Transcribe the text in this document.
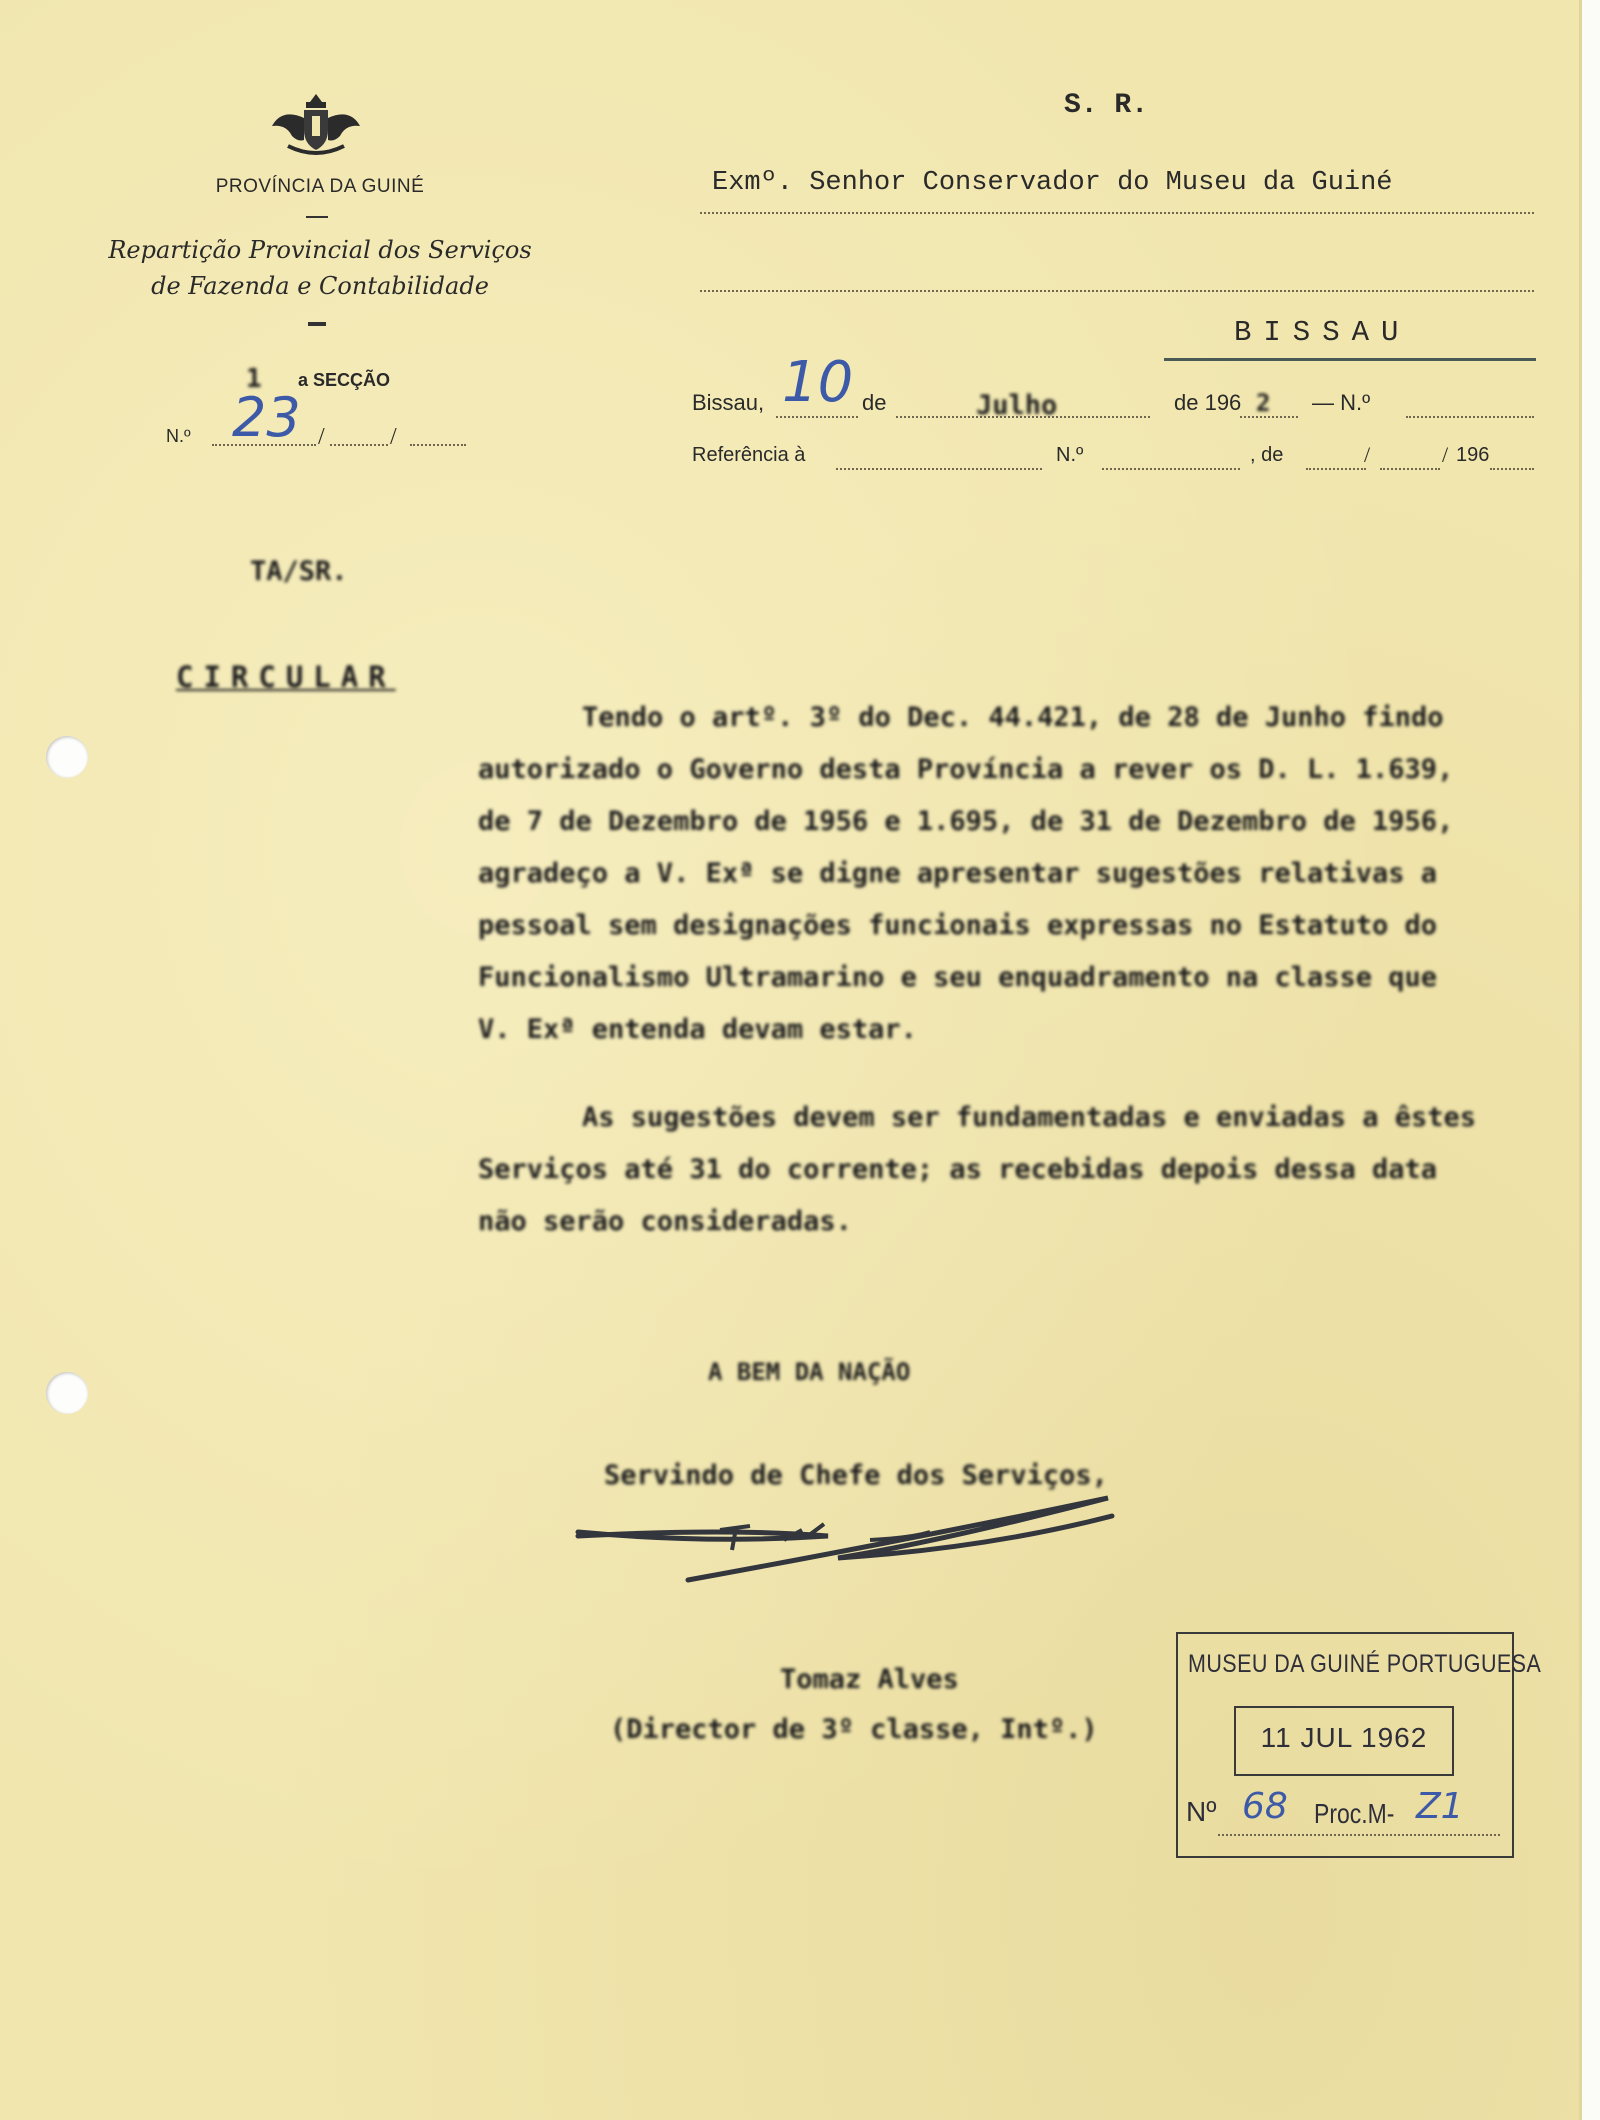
PROVÍNCIA DA GUINÉ
Repartição Provincial dos Serviços
de Fazenda e Contabilidade
1 a SECÇÃO
N.º 23 /	/
S. R.
Exmº. Senhor Conservador do Museu da Guiné
BISSAU
Bissau, 10 de	Julho	de 196 2 — N.º
Referência à	N.º	, de	/	/ 196
TA/SR.
CIRCULAR

Tendo o artº. 3º do Dec. 44.421, de 28 de Junho findo

autorizado o Governo desta Província a rever os D. L. 1.639,

de 7 de Dezembro de 1956 e 1.695, de 31 de Dezembro de 1956,

agradeço a V. Exª se digne apresentar sugestões relativas a

pessoal sem designações funcionais expressas no Estatuto do

Funcionalismo Ultramarino e seu enquadramento na classe que

V. Exª entenda devam estar.

As sugestões devem ser fundamentadas e enviadas a êstes

Serviços até 31 do corrente; as recebidas depois dessa data

não serão consideradas.

A BEM DA NAÇÃO
Servindo de Chefe dos Serviços,
Tomaz Alves
(Director de 3º classe, Intº.)
MUSEU DA GUINÉ PORTUGUESA
11 JUL 1962
Nº 68 Proc.M- Z1
